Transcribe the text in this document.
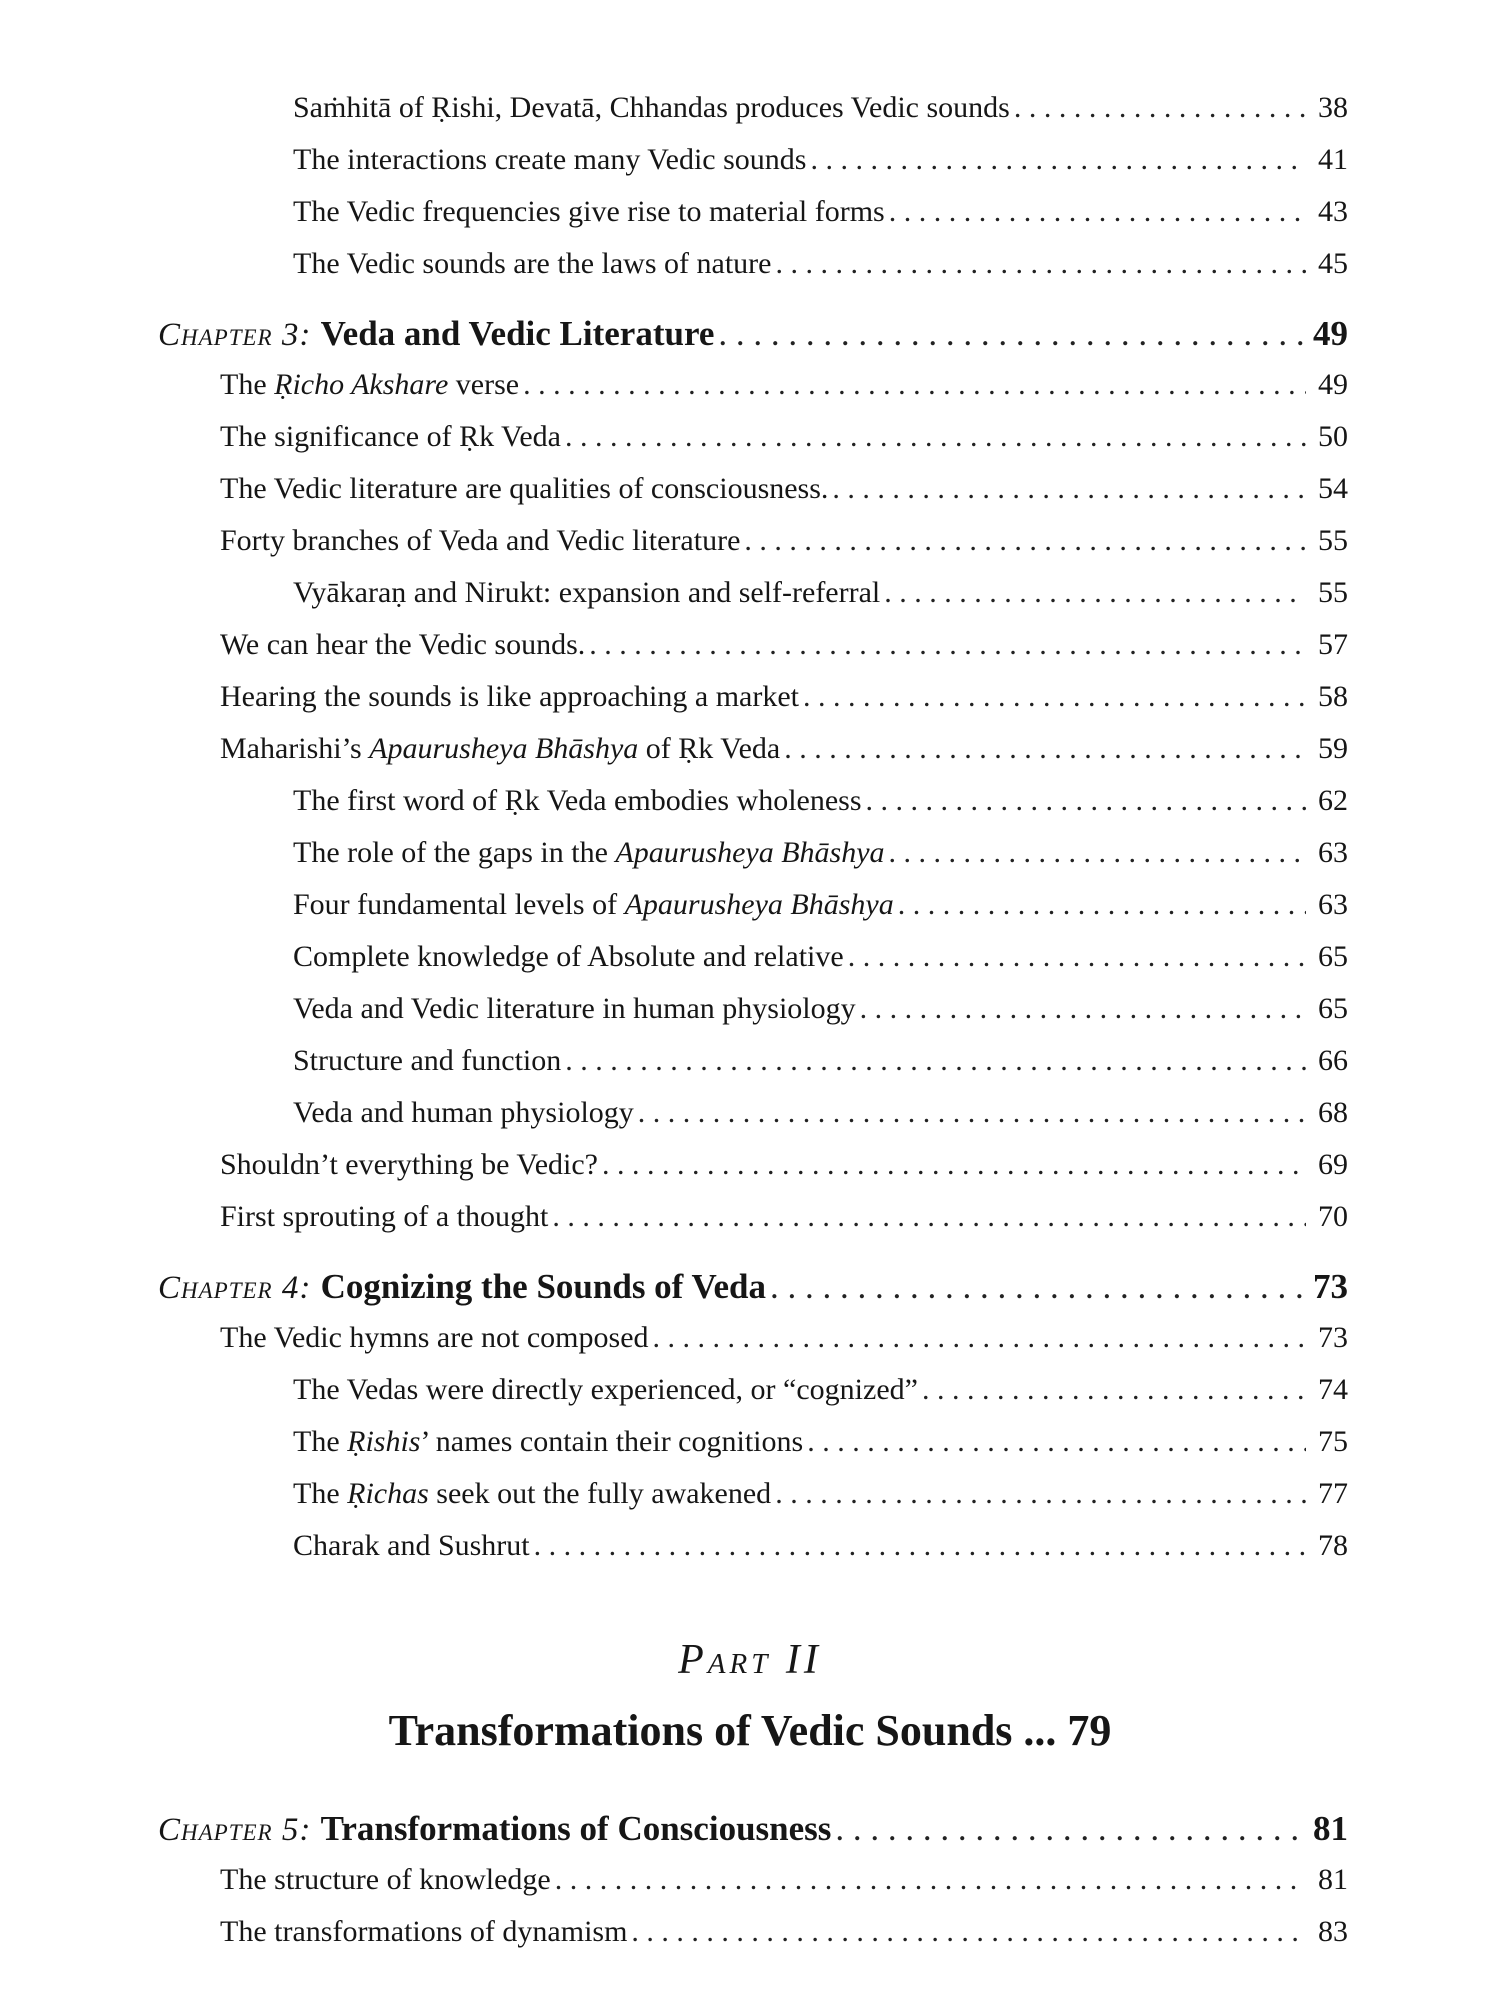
Saṁhitā of Ṛishi, Devatā, Chhandas produces Vedic sounds . . .	38
The interactions create many Vedic sounds . . .	41
The Vedic frequencies give rise to material forms . . .	43
The Vedic sounds are the laws of nature . . .	45
Chapter 3: Veda and Vedic Literature . . .	49
The Ṛicho Akshare verse . . .	49
The significance of Ṛk Veda . . .	50
The Vedic literature are qualities of consciousness. . . .	54
Forty branches of Veda and Vedic literature . . .	55
Vyākaraṇ and Nirukt: expansion and self-referral . . .	55
We can hear the Vedic sounds. . . .	57
Hearing the sounds is like approaching a market . . .	58
Maharishi’s Apaurusheya Bhāshya of Ṛk Veda . . .	59
The first word of Ṛk Veda embodies wholeness . . .	62
The role of the gaps in the Apaurusheya Bhāshya . . .	63
Four fundamental levels of Apaurusheya Bhāshya . . .	63
Complete knowledge of Absolute and relative . . .	65
Veda and Vedic literature in human physiology . . .	65
Structure and function . . .	66
Veda and human physiology . . .	68
Shouldn’t everything be Vedic? . . .	69
First sprouting of a thought . . .	70
Chapter 4: Cognizing the Sounds of Veda . . .	73
The Vedic hymns are not composed . . .	73
The Vedas were directly experienced, or “cognized” . . .	74
The Ṛishis’ names contain their cognitions . . .	75
The Ṛichas seek out the fully awakened . . .	77
Charak and Sushrut . . .	78
Chapter 5: Transformations of Consciousness . . .	81
The structure of knowledge . . .	81
The transformations of dynamism . . .	83
Part II
Transformations of Vedic Sounds ... 79
